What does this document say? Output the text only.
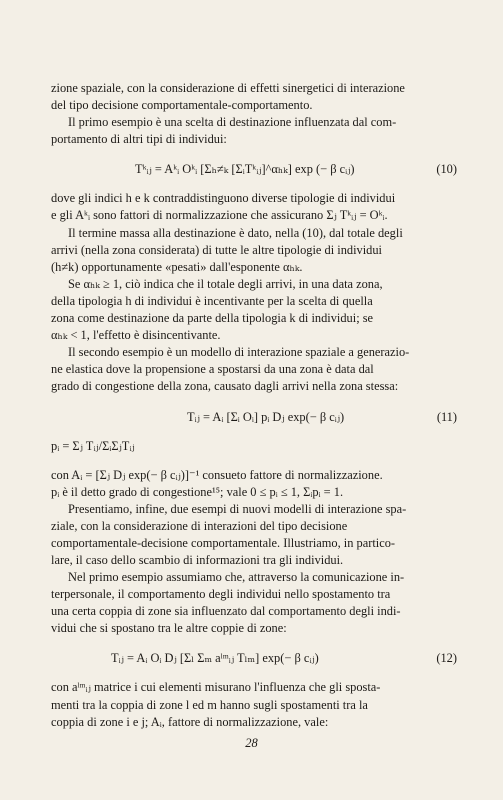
zione spaziale, con la considerazione di effetti sinergetici di interazione
del tipo decisione comportamentale-comportamento.

Il primo esempio è una scelta di destinazione influenzata dal com-
portamento di altri tipi di individui:

Tᵏᵢⱼ = Aᵏᵢ Oᵏᵢ [Σₕ≠ₖ [ΣᵢTᵏᵢⱼ]^αₕₖ] exp (− β cᵢⱼ)	(10)

dove gli indici h e k contraddistinguono diverse tipologie di individui
e gli Aᵏᵢ sono fattori di normalizzazione che assicurano Σⱼ Tᵏᵢⱼ = Oᵏᵢ.

Il termine massa alla destinazione è dato, nella (10), dal totale degli
arrivi (nella zona considerata) di tutte le altre tipologie di individui
(h≠k) opportunamente «pesati» dall'esponente αₕₖ.

Se αₕₖ ≥ 1, ciò indica che il totale degli arrivi, in una data zona,
della tipologia h di individui è incentivante per la scelta di quella
zona come destinazione da parte della tipologia k di individui; se
αₕₖ < 1, l'effetto è disincentivante.

Il secondo esempio è un modello di interazione spaziale a generazio-
ne elastica dove la propensione a spostarsi da una zona è data dal
grado di congestione della zona, causato dagli arrivi nella zona stessa:

Tᵢⱼ = Aᵢ [Σᵢ Oᵢ] pᵢ Dⱼ exp(− β cᵢⱼ)	(11)
pᵢ = Σⱼ Tᵢⱼ/ΣᵢΣⱼTᵢⱼ

con Aᵢ = [Σⱼ Dⱼ exp(− β cᵢⱼ)]⁻¹ consueto fattore di normalizzazione.
pᵢ è il detto grado di congestione¹⁵; vale 0 ≤ pᵢ ≤ 1, Σᵢpᵢ = 1.

Presentiamo, infine, due esempi di nuovi modelli di interazione spa-
ziale, con la considerazione di interazioni del tipo decisione
comportamentale-decisione comportamentale. Illustriamo, in partico-
lare, il caso dello scambio di informazioni tra gli individui.

Nel primo esempio assumiamo che, attraverso la comunicazione in-
terpersonale, il comportamento degli individui nello spostamento tra
una certa coppia di zone sia influenzato dal comportamento degli indi-
vidui che si spostano tra le altre coppie di zone:

Tᵢⱼ = Aᵢ Oᵢ Dⱼ [Σₗ Σₘ aˡᵐᵢⱼ Tₗₘ] exp(− β cᵢⱼ)	(12)

con aˡᵐᵢⱼ matrice i cui elementi misurano l'influenza che gli sposta-
menti tra la coppia di zone l ed m hanno sugli spostamenti tra la
coppia di zone i e j; Aᵢ, fattore di normalizzazione, vale:

28
